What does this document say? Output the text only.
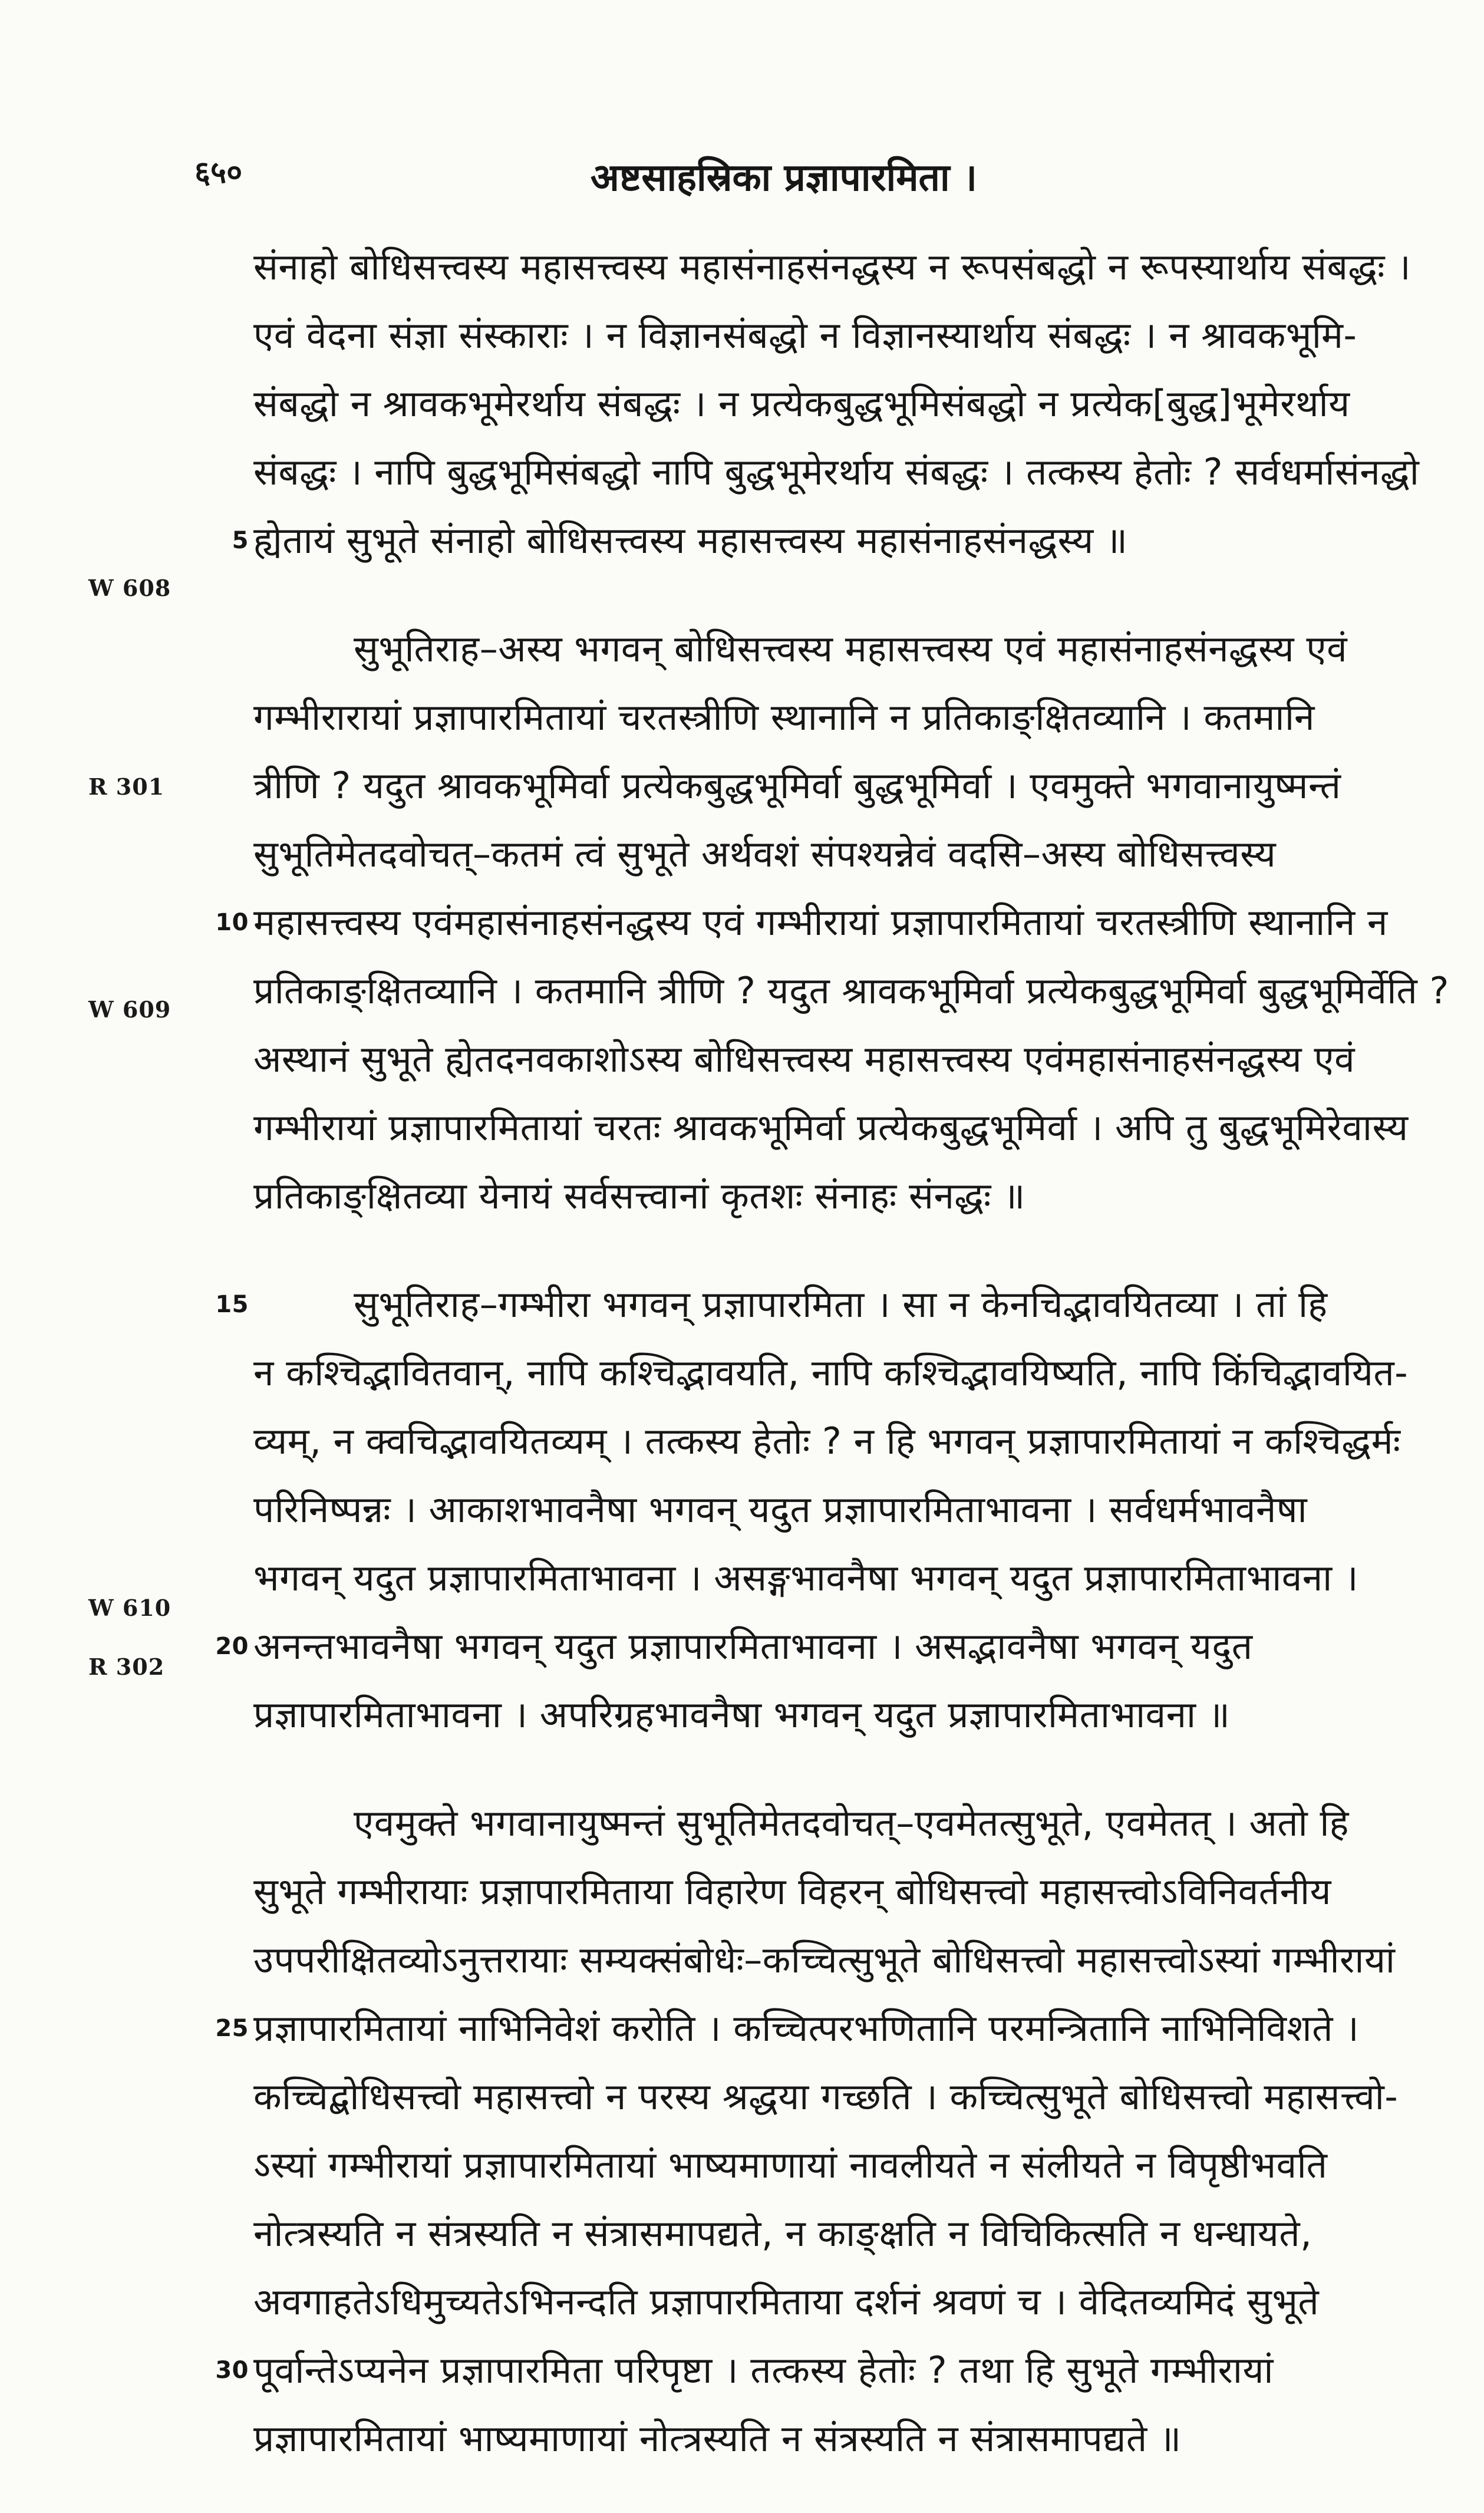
६५०	अष्टसाहस्रिका प्रज्ञापारमिता ।
W 608
R 301
W 609
W 610
R 302
संनाहो बोधिसत्त्वस्य महासत्त्वस्य महासंनाहसंनद्धस्य न रूपसंबद्धो न रूपस्यार्थाय संबद्धः ।
एवं वेदना संज्ञा संस्काराः । न विज्ञानसंबद्धो न विज्ञानस्यार्थाय संबद्धः । न श्रावकभूमि-
संबद्धो न श्रावकभूमेरर्थाय संबद्धः । न प्रत्येकबुद्धभूमिसंबद्धो न प्रत्येक[बुद्ध]भूमेरर्थाय
संबद्धः । नापि बुद्धभूमिसंबद्धो नापि बुद्धभूमेरर्थाय संबद्धः । तत्कस्य हेतोः ? सर्वधर्मासंनद्धो
5 ह्येतायं सुभूते संनाहो बोधिसत्त्वस्य महासत्त्वस्य महासंनाहसंनद्धस्य ॥
सुभूतिराह–अस्य भगवन् बोधिसत्त्वस्य महासत्त्वस्य एवं महासंनाहसंनद्धस्य एवं
गम्भीरारायां प्रज्ञापारमितायां चरतस्त्रीणि स्थानानि न प्रतिकाङ्क्षितव्यानि । कतमानि
त्रीणि ? यदुत श्रावकभूमिर्वा प्रत्येकबुद्धभूमिर्वा बुद्धभूमिर्वा । एवमुक्ते भगवानायुष्मन्तं
सुभूतिमेतदवोचत्–कतमं त्वं सुभूते अर्थवशं संपश्यन्नेवं वदसि–अस्य बोधिसत्त्वस्य
10 महासत्त्वस्य एवंमहासंनाहसंनद्धस्य एवं गम्भीरायां प्रज्ञापारमितायां चरतस्त्रीणि स्थानानि न
प्रतिकाङ्क्षितव्यानि । कतमानि त्रीणि ? यदुत श्रावकभूमिर्वा प्रत्येकबुद्धभूमिर्वा बुद्धभूमिर्वेति ?
अस्थानं सुभूते ह्येतदनवकाशोऽस्य बोधिसत्त्वस्य महासत्त्वस्य एवंमहासंनाहसंनद्धस्य एवं
गम्भीरायां प्रज्ञापारमितायां चरतः श्रावकभूमिर्वा प्रत्येकबुद्धभूमिर्वा । अपि तु बुद्धभूमिरेवास्य
प्रतिकाङ्क्षितव्या येनायं सर्वसत्त्वानां कृतशः संनाहः संनद्धः ॥
15	सुभूतिराह–गम्भीरा भगवन् प्रज्ञापारमिता । सा न केनचिद्भावयितव्या । तां हि
न कश्चिद्भावितवान्, नापि कश्चिद्भावयति, नापि कश्चिद्भावयिष्यति, नापि किंचिद्भावयित-
व्यम्, न क्वचिद्भावयितव्यम् । तत्कस्य हेतोः ? न हि भगवन् प्रज्ञापारमितायां न कश्चिद्धर्मः
परिनिष्पन्नः । आकाशभावनैषा भगवन् यदुत प्रज्ञापारमिताभावना । सर्वधर्मभावनैषा
भगवन् यदुत प्रज्ञापारमिताभावना । असङ्गभावनैषा भगवन् यदुत प्रज्ञापारमिताभावना ।
20 अनन्तभावनैषा भगवन् यदुत प्रज्ञापारमिताभावना । असद्भावनैषा भगवन् यदुत
प्रज्ञापारमिताभावना । अपरिग्रहभावनैषा भगवन् यदुत प्रज्ञापारमिताभावना ॥
एवमुक्ते भगवानायुष्मन्तं सुभूतिमेतदवोचत्–एवमेतत्सुभूते, एवमेतत् । अतो हि
सुभूते गम्भीरायाः प्रज्ञापारमिताया विहारेण विहरन् बोधिसत्त्वो महासत्त्वोऽविनिवर्तनीय
उपपरीक्षितव्योऽनुत्तरायाः सम्यक्संबोधेः–कच्चित्सुभूते बोधिसत्त्वो महासत्त्वोऽस्यां गम्भीरायां
25 प्रज्ञापारमितायां नाभिनिवेशं करोति । कच्चित्परभणितानि परमन्त्रितानि नाभिनिविशते ।
कच्चिद्बोधिसत्त्वो महासत्त्वो न परस्य श्रद्धया गच्छति । कच्चित्सुभूते बोधिसत्त्वो महासत्त्वो-
ऽस्यां गम्भीरायां प्रज्ञापारमितायां भाष्यमाणायां नावलीयते न संलीयते न विपृष्ठीभवति
नोत्त्रस्यति न संत्रस्यति न संत्रासमापद्यते, न काङ्क्षति न विचिकित्सति न धन्धायते,
अवगाहतेऽधिमुच्यतेऽभिनन्दति प्रज्ञापारमिताया दर्शनं श्रवणं च । वेदितव्यमिदं सुभूते
30 पूर्वान्तेऽप्यनेन प्रज्ञापारमिता परिपृष्टा । तत्कस्य हेतोः ? तथा हि सुभूते गम्भीरायां
प्रज्ञापारमितायां भाष्यमाणायां नोत्त्रस्यति न संत्रस्यति न संत्रासमापद्यते ॥
